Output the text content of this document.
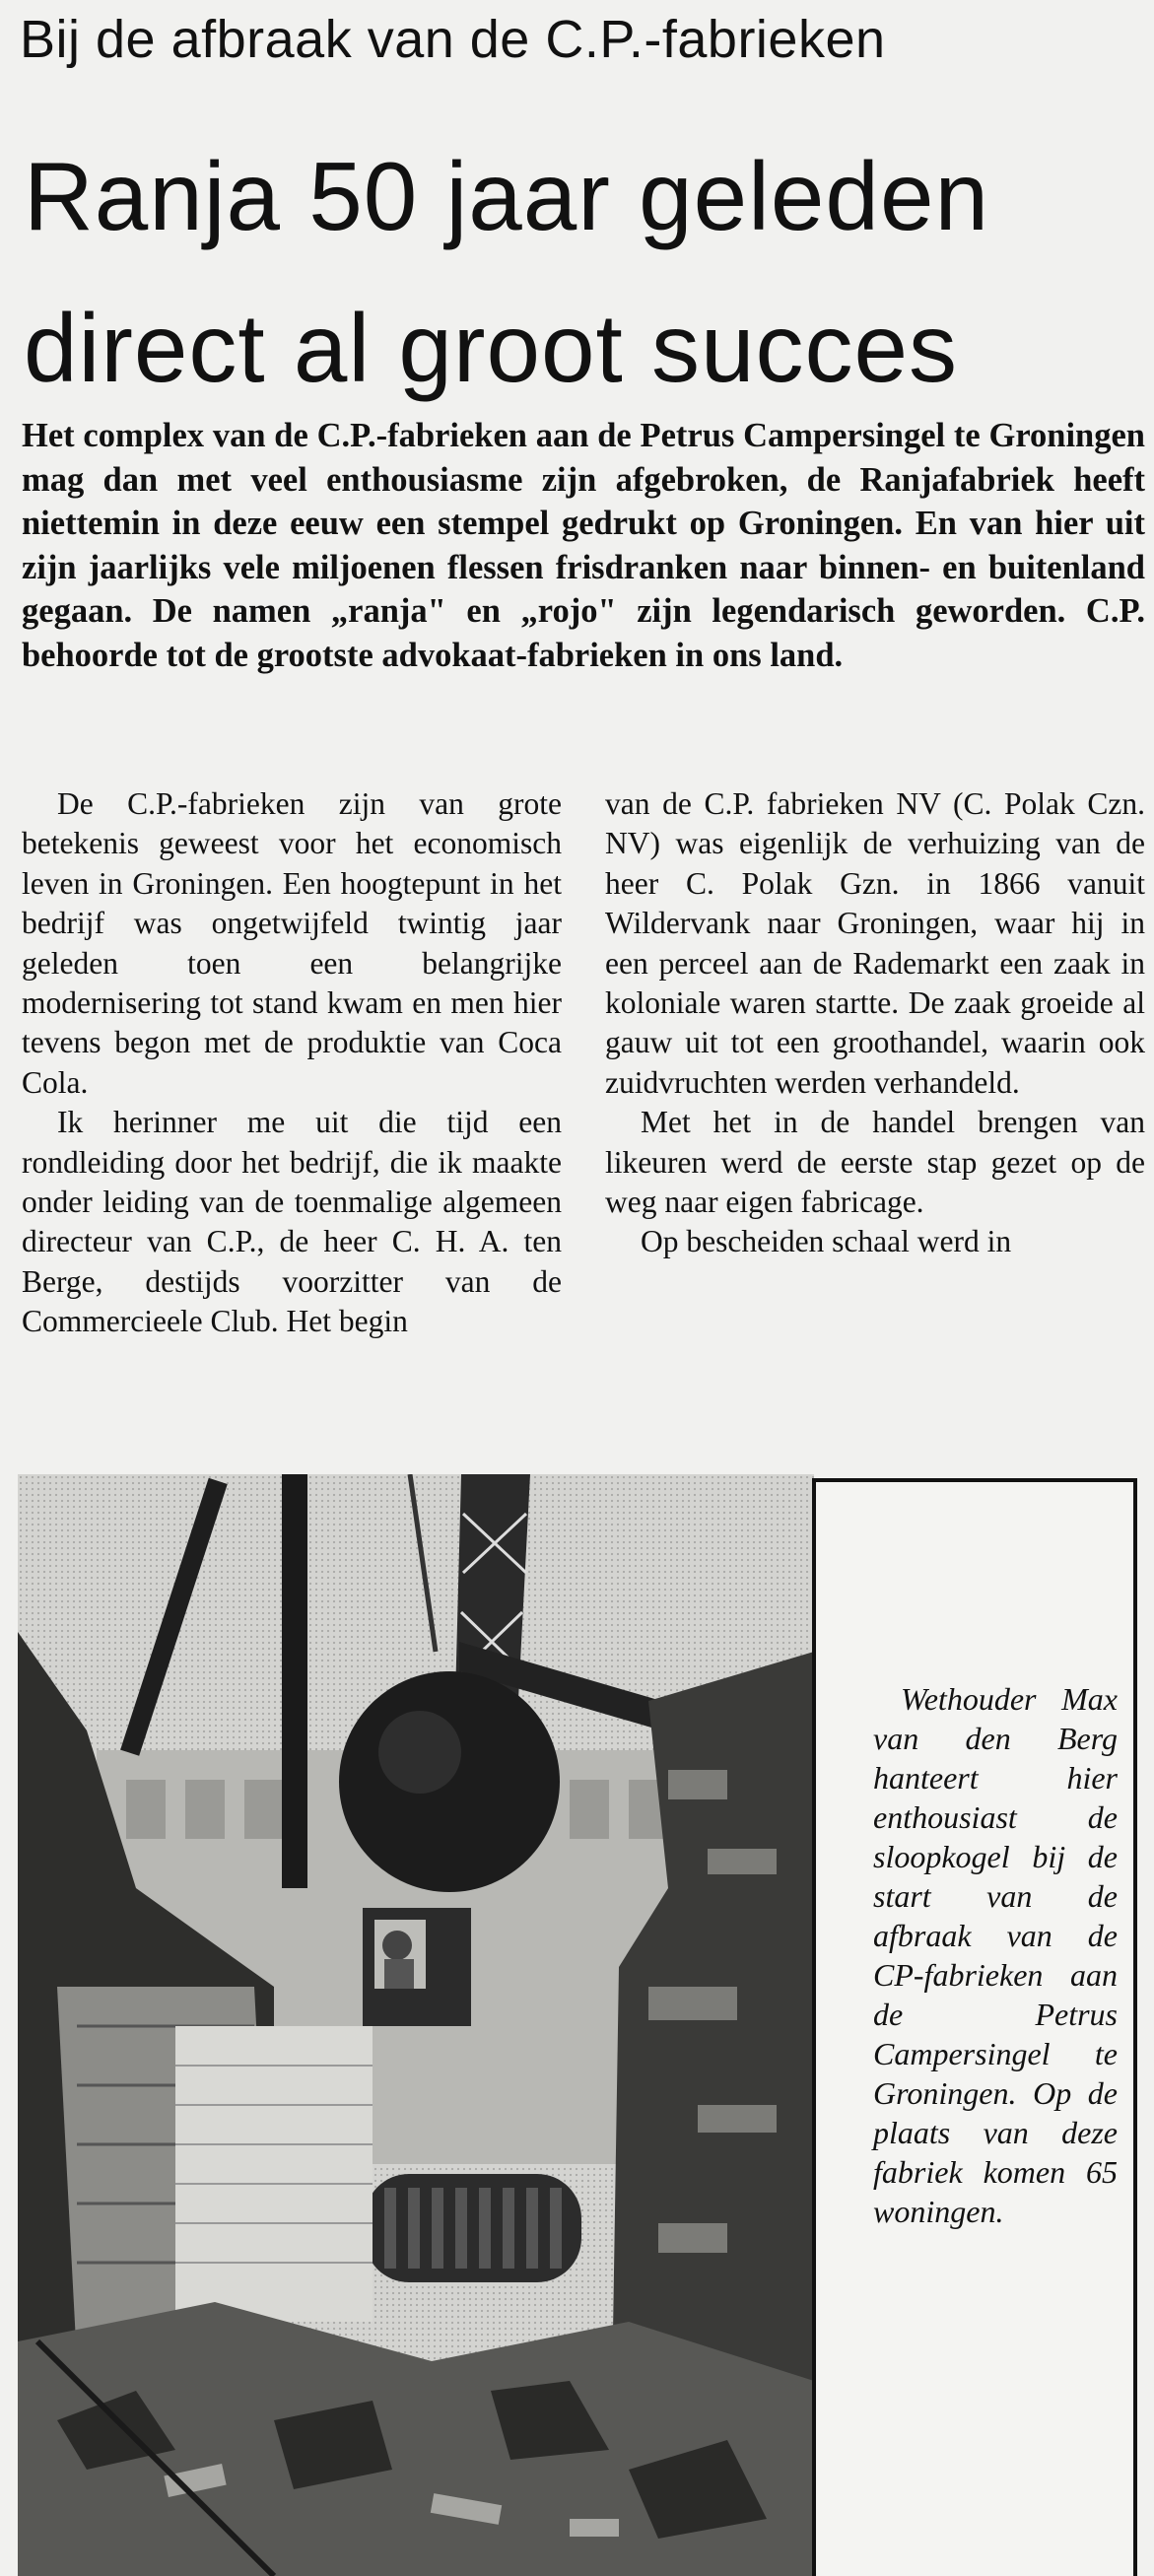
Bij de afbraak van de C.P.-fabrieken
Ranja 50 jaar geleden direct al groot succes

Het complex van de C.P.-fabrieken aan de Petrus Campersingel te Groningen mag dan met veel enthousiasme zijn afgebroken, de Ranjafabriek heeft niettemin in deze eeuw een stempel gedrukt op Groningen. En van hier uit zijn jaarlijks vele miljoenen flessen frisdranken naar binnen- en buitenland gegaan. De namen „ranja" en „rojo" zijn legendarisch geworden. C.P. behoorde tot de grootste advokaat-fabrieken in ons land.

De C.P.-fabrieken zijn van grote betekenis geweest voor het economisch leven in Groningen. Een hoogtepunt in het bedrijf was ongetwijfeld twintig jaar geleden toen een belangrijke modernisering tot stand kwam en men hier tevens begon met de produktie van Coca Cola.

Ik herinner me uit die tijd een rondleiding door het bedrijf, die ik maakte onder leiding van de toenmalige algemeen directeur van C.P., de heer C. H. A. ten Berge, destijds voorzitter van de Commercieele Club. Het begin

van de C.P. fabrieken NV (C. Polak Czn. NV) was eigenlijk de verhuizing van de heer C. Polak Gzn. in 1866 vanuit Wildervank naar Groningen, waar hij in een perceel aan de Rademarkt een zaak in koloniale waren startte. De zaak groeide al gauw uit tot een groothandel, waarin ook zuidvruchten werden verhandeld.

Met het in de handel brengen van likeuren werd de eerste stap gezet op de weg naar eigen fabricage.

Op bescheiden schaal werd in

Wethouder Max van den Berg hanteert hier enthousiast de sloopkogel bij de start van de afbraak van de CP-fabrieken aan de Petrus Campersingel te Groningen. Op de plaats van deze fabriek komen 65 woningen.
